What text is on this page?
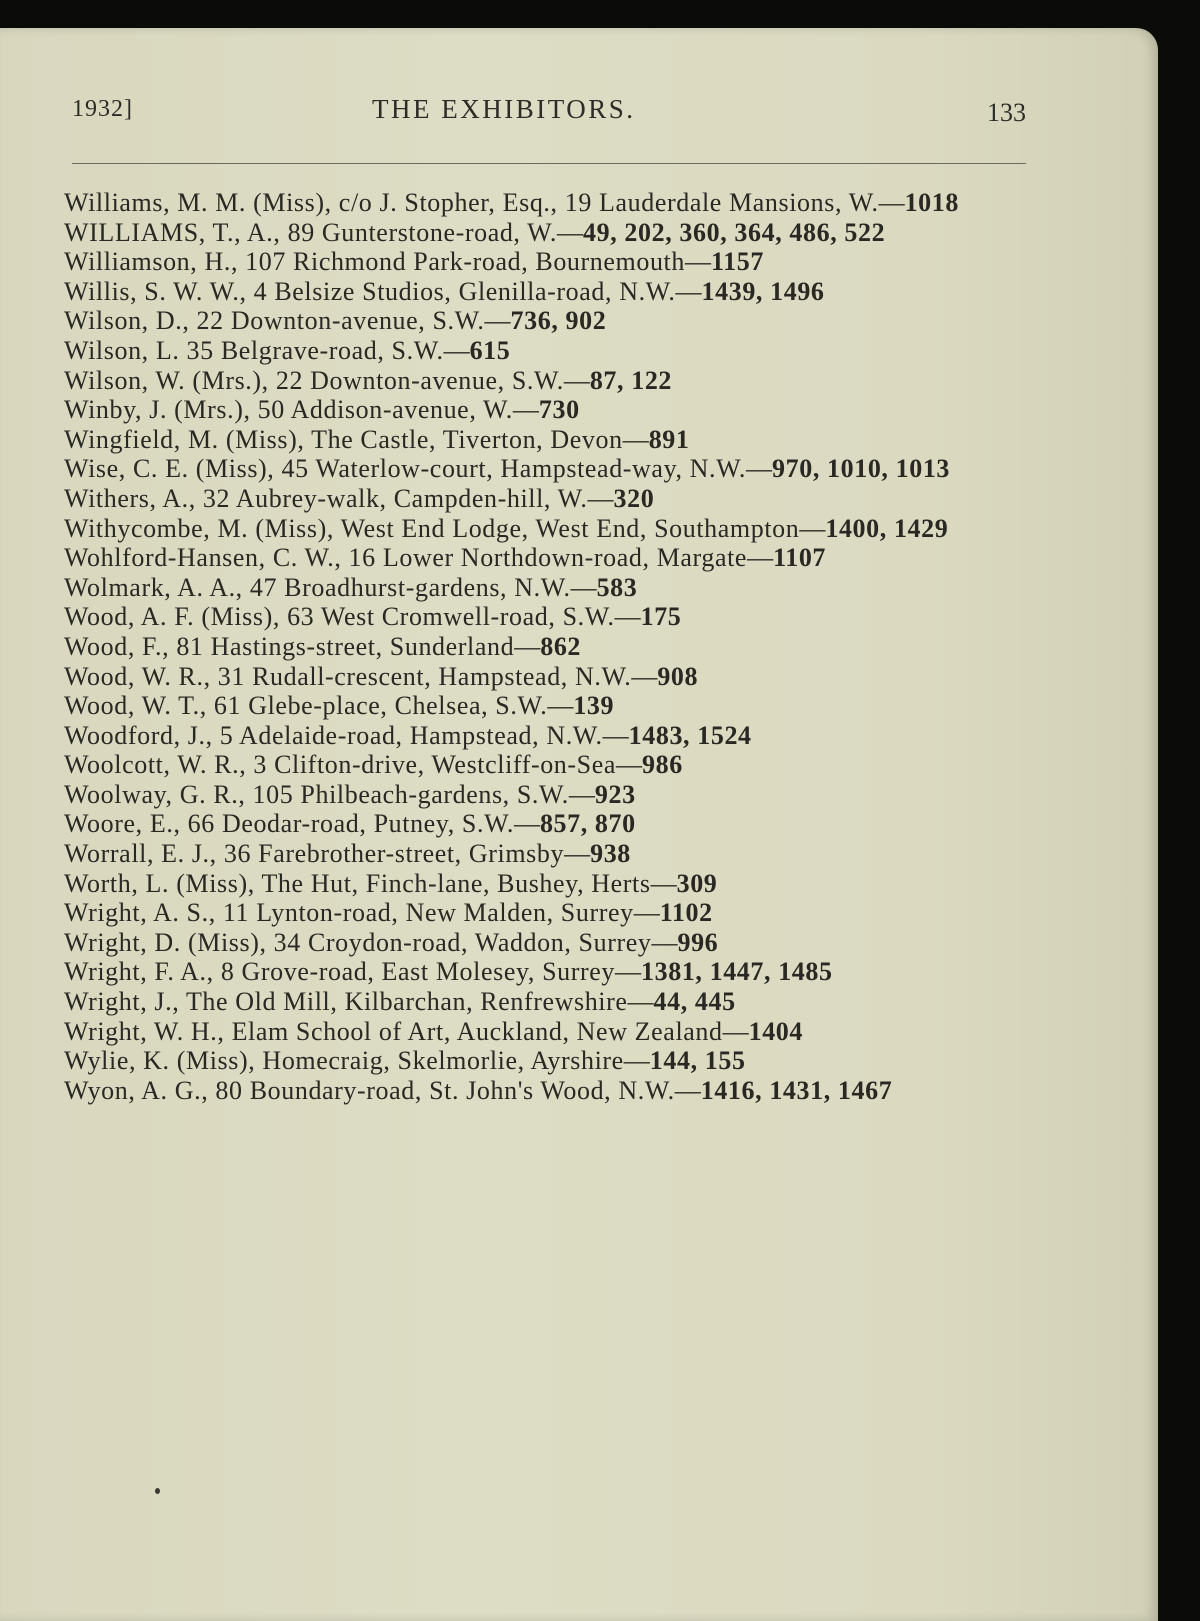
1932]	THE EXHIBITORS.	133
Williams, M. M. (Miss), c/o J. Stopher, Esq., 19 Lauderdale Mansions, W.—1018
WILLIAMS, T., A., 89 Gunterstone-road, W.—49, 202, 360, 364, 486, 522
Williamson, H., 107 Richmond Park-road, Bournemouth—1157
Willis, S. W. W., 4 Belsize Studios, Glenilla-road, N.W.—1439, 1496
Wilson, D., 22 Downton-avenue, S.W.—736, 902
Wilson, L. 35 Belgrave-road, S.W.—615
Wilson, W. (Mrs.), 22 Downton-avenue, S.W.—87, 122
Winby, J. (Mrs.), 50 Addison-avenue, W.—730
Wingfield, M. (Miss), The Castle, Tiverton, Devon—891
Wise, C. E. (Miss), 45 Waterlow-court, Hampstead-way, N.W.—970, 1010, 1013
Withers, A., 32 Aubrey-walk, Campden-hill, W.—320
Withycombe, M. (Miss), West End Lodge, West End, Southampton—1400, 1429
Wohlford-Hansen, C. W., 16 Lower Northdown-road, Margate—1107
Wolmark, A. A., 47 Broadhurst-gardens, N.W.—583
Wood, A. F. (Miss), 63 West Cromwell-road, S.W.—175
Wood, F., 81 Hastings-street, Sunderland—862
Wood, W. R., 31 Rudall-crescent, Hampstead, N.W.—908
Wood, W. T., 61 Glebe-place, Chelsea, S.W.—139
Woodford, J., 5 Adelaide-road, Hampstead, N.W.—1483, 1524
Woolcott, W. R., 3 Clifton-drive, Westcliff-on-Sea—986
Woolway, G. R., 105 Philbeach-gardens, S.W.—923
Woore, E., 66 Deodar-road, Putney, S.W.—857, 870
Worrall, E. J., 36 Farebrother-street, Grimsby—938
Worth, L. (Miss), The Hut, Finch-lane, Bushey, Herts—309
Wright, A. S., 11 Lynton-road, New Malden, Surrey—1102
Wright, D. (Miss), 34 Croydon-road, Waddon, Surrey—996
Wright, F. A., 8 Grove-road, East Molesey, Surrey—1381, 1447, 1485
Wright, J., The Old Mill, Kilbarchan, Renfrewshire—44, 445
Wright, W. H., Elam School of Art, Auckland, New Zealand—1404
Wylie, K. (Miss), Homecraig, Skelmorlie, Ayrshire—144, 155
Wyon, A. G., 80 Boundary-road, St. John's Wood, N.W.—1416, 1431, 1467
